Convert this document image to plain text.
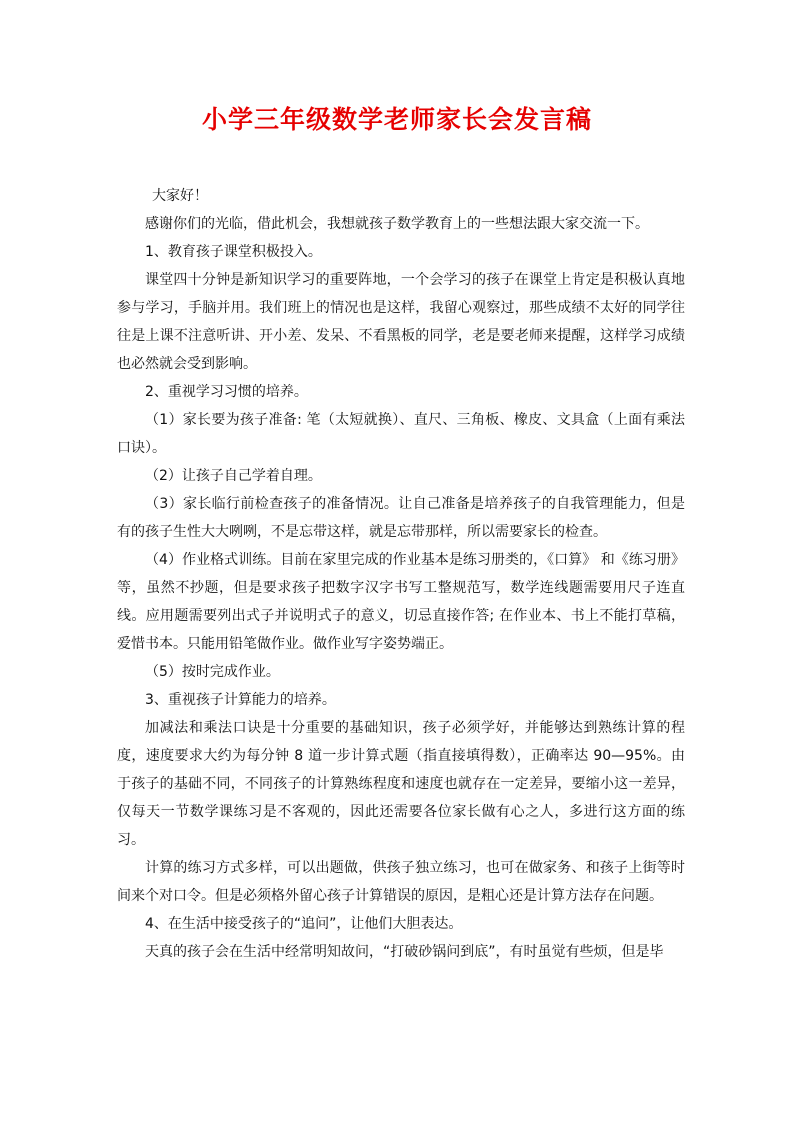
小学三年级数学老师家长会发言稿

大家好！

感谢你们的光临，借此机会，我想就孩子数学教育上的一些想法跟大家交流一下。

1、教育孩子课堂积极投入。

课堂四十分钟是新知识学习的重要阵地，一个会学习的孩子在课堂上肯定是积极认真地参与学习，手脑并用。我们班上的情况也是这样，我留心观察过，那些成绩不太好的同学往往是上课不注意听讲、开小差、发呆、不看黑板的同学，老是要老师来提醒，这样学习成绩也必然就会受到影响。

2、重视学习习惯的培养。

（1）家长要为孩子准备: 笔（太短就换）、直尺、三角板、橡皮、文具盒（上面有乘法口诀）。

（2）让孩子自己学着自理。

（3）家长临行前检查孩子的准备情况。让自己准备是培养孩子的自我管理能力，但是有的孩子生性大大咧咧，不是忘带这样，就是忘带那样，所以需要家长的检查。

（4）作业格式训练。目前在家里完成的作业基本是练习册类的，《口算》 和《练习册》等，虽然不抄题，但是要求孩子把数字汉字书写工整规范写，数学连线题需要用尺子连直线。应用题需要列出式子并说明式子的意义，切忌直接作答; 在作业本、书上不能打草稿，爱惜书本。只能用铅笔做作业。做作业写字姿势端正。

（5）按时完成作业。

3、重视孩子计算能力的培养。

加减法和乘法口诀是十分重要的基础知识，孩子必须学好，并能够达到熟练计算的程度，速度要求大约为每分钟 8 道一步计算式题（指直接填得数），正确率达 90—95%。由于孩子的基础不同，不同孩子的计算熟练程度和速度也就存在一定差异，要缩小这一差异，仅每天一节数学课练习是不客观的，因此还需要各位家长做有心之人，多进行这方面的练习。

计算的练习方式多样，可以出题做，供孩子独立练习，也可在做家务、和孩子上街等时间来个对口令。但是必须格外留心孩子计算错误的原因，是粗心还是计算方法存在问题。

4、在生活中接受孩子的“追问”，让他们大胆表达。

天真的孩子会在生活中经常明知故问，“打破砂锅问到底”，有时虽觉有些烦，但是毕
